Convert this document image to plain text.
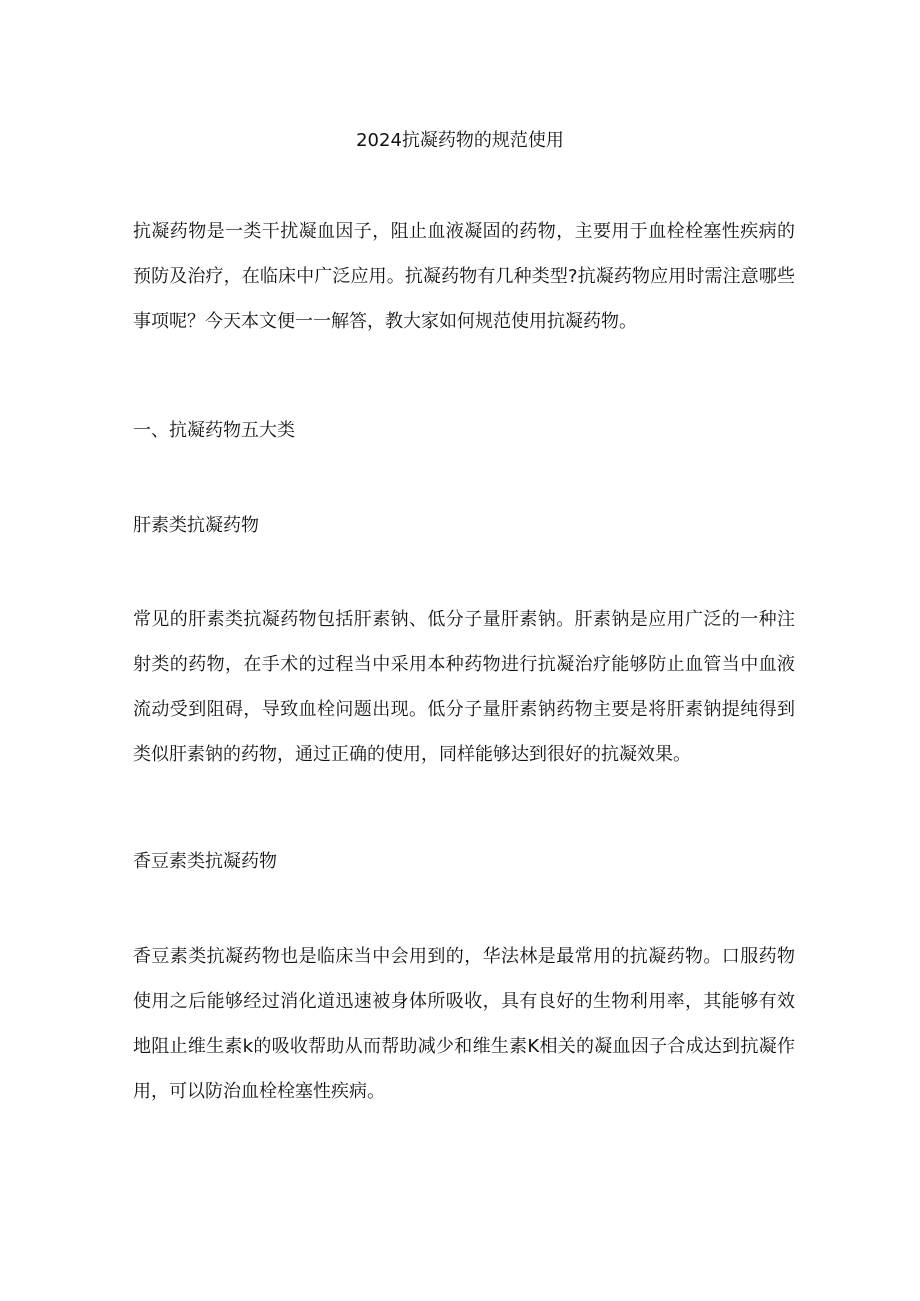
2024抗凝药物的规范使用

抗凝药物是一类干扰凝血因子，阻止血液凝固的药物，主要用于血栓栓塞性疾病的预防及治疗，在临床中广泛应用。抗凝药物有几种类型?抗凝药物应用时需注意哪些事项呢？今天本文便一一解答，教大家如何规范使用抗凝药物。

一、抗凝药物五大类
肝素类抗凝药物

常见的肝素类抗凝药物包括肝素钠、低分子量肝素钠。肝素钠是应用广泛的一种注射类的药物，在手术的过程当中采用本种药物进行抗凝治疗能够防止血管当中血液流动受到阻碍，导致血栓问题出现。低分子量肝素钠药物主要是将肝素钠提纯得到类似肝素钠的药物，通过正确的使用，同样能够达到很好的抗凝效果。

香豆素类抗凝药物

香豆素类抗凝药物也是临床当中会用到的，华法林是最常用的抗凝药物。口服药物使用之后能够经过消化道迅速被身体所吸收，具有良好的生物利用率，其能够有效地阻止维生素k的吸收帮助从而帮助减少和维生素K相关的凝血因子合成达到抗凝作用，可以防治血栓栓塞性疾病。
